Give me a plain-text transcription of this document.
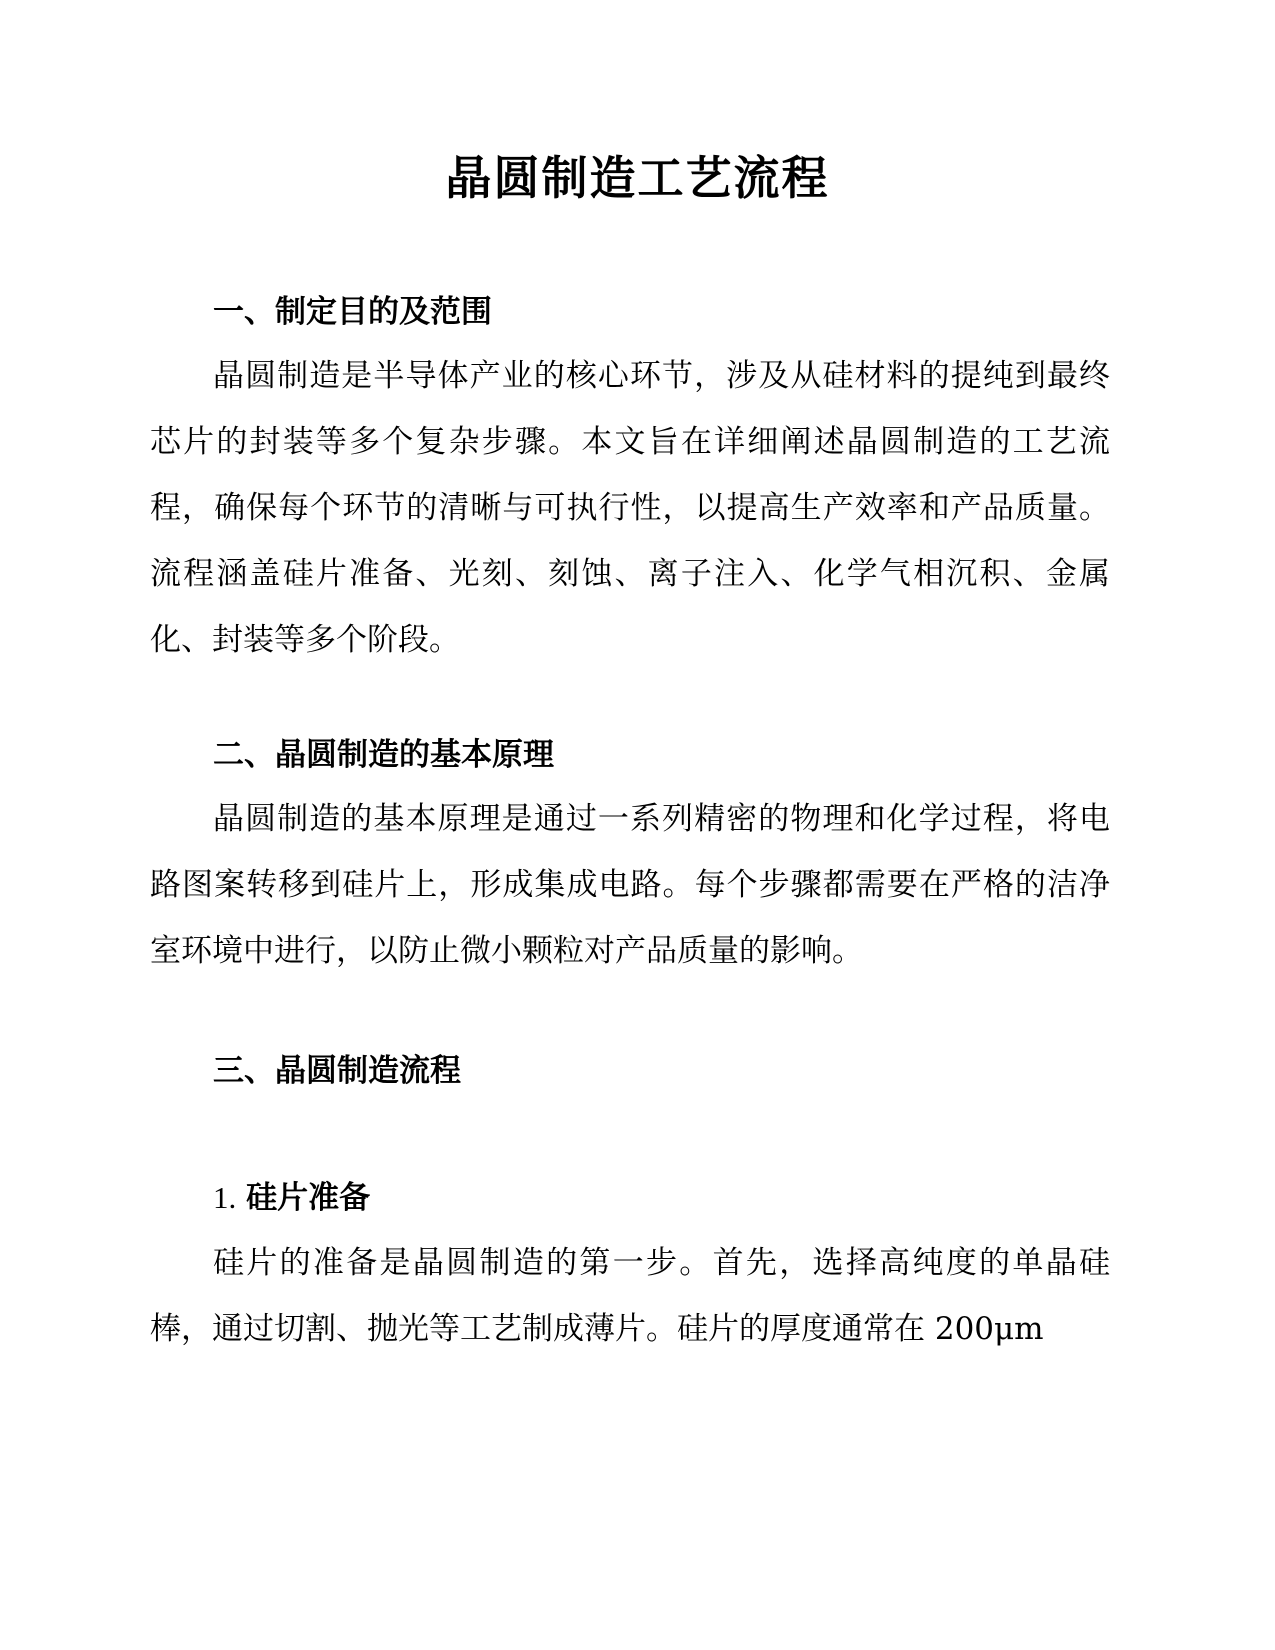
晶圆制造工艺流程
一、制定目的及范围

晶圆制造是半导体产业的核心环节，涉及从硅材料的提纯到最终芯片的封装等多个复杂步骤。本文旨在详细阐述晶圆制造的工艺流程，确保每个环节的清晰与可执行性，以提高生产效率和产品质量。流程涵盖硅片准备、光刻、刻蚀、离子注入、化学气相沉积、金属化、封装等多个阶段。

二、晶圆制造的基本原理

晶圆制造的基本原理是通过一系列精密的物理和化学过程，将电路图案转移到硅片上，形成集成电路。每个步骤都需要在严格的洁净室环境中进行，以防止微小颗粒对产品质量的影响。

三、晶圆制造流程
1. 硅片准备

硅片的准备是晶圆制造的第一步。首先，选择高纯度的单晶硅棒，通过切割、抛光等工艺制成薄片。硅片的厚度通常在 200μm
